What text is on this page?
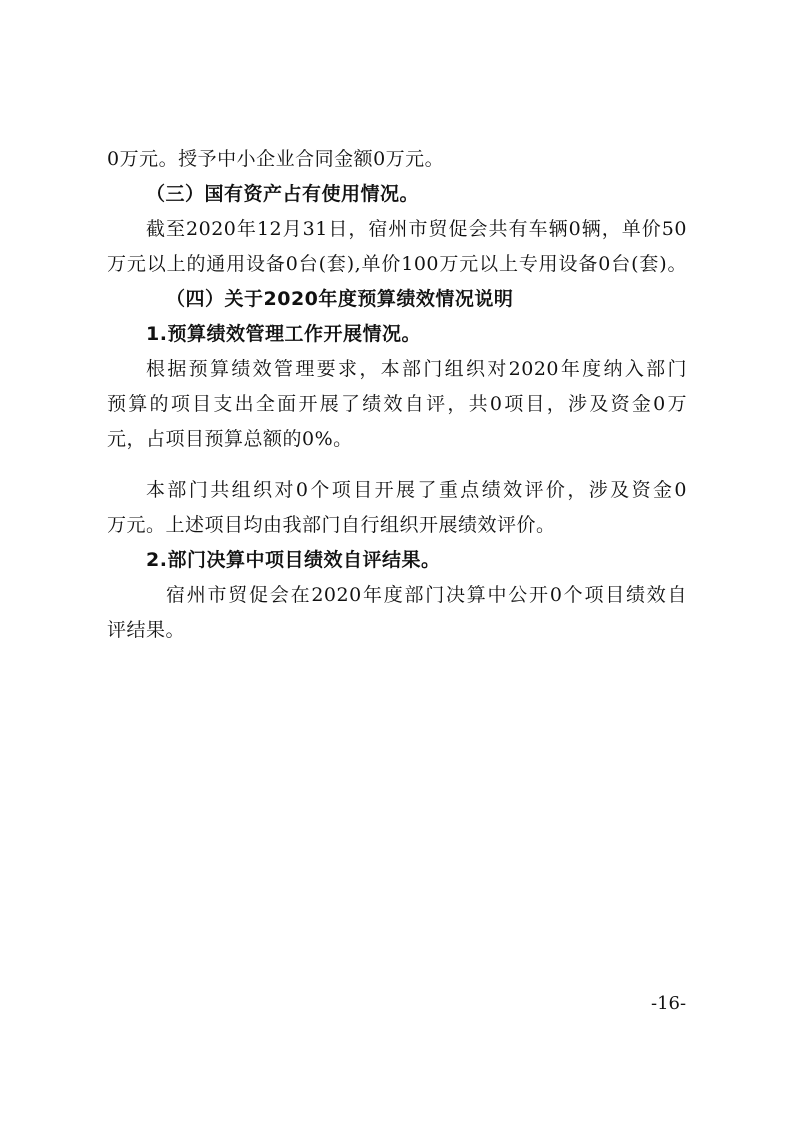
0万元。授予中小企业合同金额0万元。
（三）国有资产占有使用情况。
截至2020年12月31日，宿州市贸促会共有车辆0辆，单价50
万元以上的通用设备0台(套),单价100万元以上专用设备0台(套)。
（四）关于2020年度预算绩效情况说明
1.预算绩效管理工作开展情况。
根据预算绩效管理要求，本部门组织对2020年度纳入部门
预算的项目支出全面开展了绩效自评，共0项目，涉及资金0万
元，占项目预算总额的0%。
本部门共组织对0个项目开展了重点绩效评价，涉及资金0
万元。上述项目均由我部门自行组织开展绩效评价。
2.部门决算中项目绩效自评结果。
宿州市贸促会在2020年度部门决算中公开0个项目绩效自
评结果。
-16-
